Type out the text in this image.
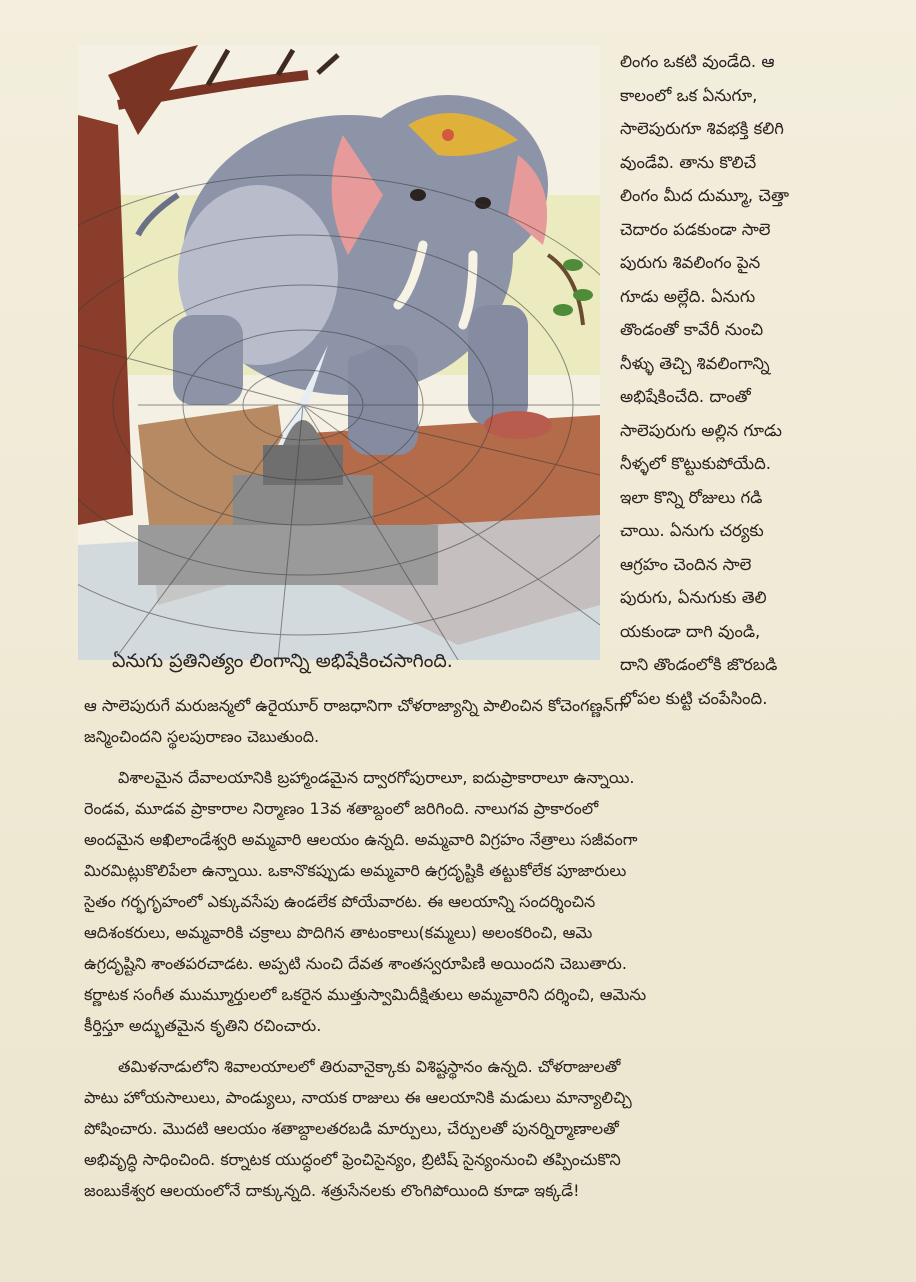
ఏనుగు ప్రతినిత్యం లింగాన్ని అభిషేకించసాగింది.
లింగం ఒకటి వుండేది. ఆ
కాలంలో ఒక ఏనుగూ,
సాలెపురుగూ శివభక్తి కలిగి
వుండేవి. తాను కొలిచే
లింగం మీద దుమ్మూ, చెత్తా
చెదారం పడకుండా సాలె
పురుగు శివలింగం పైన
గూడు అల్లేది. ఏనుగు
తొండంతో కావేరీ నుంచి
నీళ్ళు తెచ్చి శివలింగాన్ని
అభిషేకించేది. దాంతో
సాలెపురుగు అల్లిన గూడు
నీళ్ళలో కొట్టుకుపోయేది.
ఇలా కొన్ని రోజులు గడి
చాయి. ఏనుగు చర్యకు
ఆగ్రహం చెందిన సాలె
పురుగు, ఏనుగుకు తెలి
యకుండా దాగి వుండి,
దాని తొండంలోకి జొరబడి
లోపల కుట్టి చంపేసింది.

ఆ సాలెపురుగే మరుజన్మలో ఉరైయూర్ రాజధానిగా చోళరాజ్యాన్ని పాలించిన కోచెంగణ్ణన్‌గా
జన్మించిందని స్థలపురాణం చెబుతుంది.

విశాలమైన దేవాలయానికి బ్రహ్మాండమైన ద్వారగోపురాలూ, ఐదుప్రాకారాలూ ఉన్నాయి.
రెండవ, మూడవ ప్రాకారాల నిర్మాణం 13వ శతాబ్దంలో జరిగింది. నాలుగవ ప్రాకారంలో
అందమైన అఖిలాండేశ్వరి అమ్మవారి ఆలయం ఉన్నది. అమ్మవారి విగ్రహం నేత్రాలు సజీవంగా
మిరమిట్లుకొలిపేలా ఉన్నాయి. ఒకానొకప్పుడు అమ్మవారి ఉగ్రదృష్టికి తట్టుకోలేక పూజారులు
సైతం గర్భగృహంలో ఎక్కువసేపు ఉండలేక పోయేవారట. ఈ ఆలయాన్ని సందర్శించిన
ఆదిశంకరులు, అమ్మవారికి చక్రాలు పొదిగిన తాటంకాలు(కమ్మలు) అలంకరించి, ఆమె
ఉగ్రదృష్టిని శాంతపరచాడట. అప్పటి నుంచి దేవత శాంతస్వరూపిణి అయిందని చెబుతారు.
కర్ణాటక సంగీత ముమ్మూర్తులలో ఒకరైన ముత్తుస్వామిదీక్షితులు అమ్మవారిని దర్శించి, ఆమెను
కీర్తిస్తూ అద్భుతమైన కృతిని రచించారు.

తమిళనాడులోని శివాలయాలలో తిరువానైక్కాకు విశిష్టస్థానం ఉన్నది. చోళరాజులతో
పాటు హోయసాలులు, పాండ్యులు, నాయక రాజులు ఈ ఆలయానికి మడులు మాన్యాలిచ్చి
పోషించారు. మొదటి ఆలయం శతాబ్దాలతరబడి మార్పులు, చేర్పులతో పునర్నిర్మాణాలతో
అభివృద్ధి సాధించింది. కర్నాటక యుద్ధంలో ఫ్రెంచిసైన్యం, బ్రిటిష్ సైన్యంనుంచి తప్పించుకొని
జంబుకేశ్వర ఆలయంలోనే దాక్కున్నది. శత్రుసేనలకు లొంగిపోయింది కూడా ఇక్కడే!
